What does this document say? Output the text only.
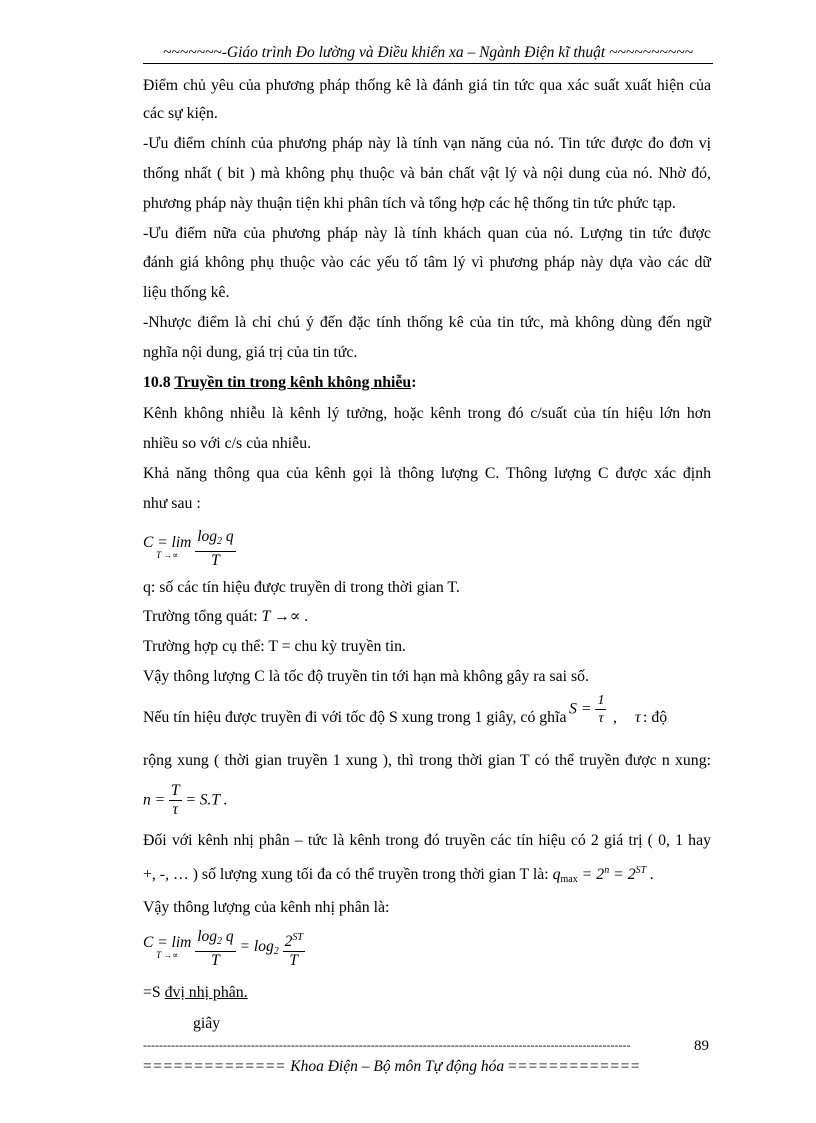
~~~~~~~-Giáo trình Đo lường và Điều khiển xa – Ngành Điện kĩ thuật ~~~~~~~~~~
Điểm chủ yêu của phương pháp thống kê là đánh giá tin tức qua xác suất xuất hiện của
các sự kiện.
-Ưu điểm chính của phương pháp này là tính vạn năng của nó. Tin tức được đo đơn vị
thống nhất ( bit ) mà không phụ thuộc và bản chất vật lý và nội dung của nó. Nhờ đó,
phương pháp này thuận tiện khi phân tích và tổng hợp các hệ thống tin tức phức tạp.
-Ưu điểm nữa của phương pháp này là tính khách quan của nó. Lượng tin tức được
đánh giá không phụ thuộc vào các yếu tố tâm lý vì phương pháp này dựa vào các dữ
liệu thống kê.
-Nhược điểm là chỉ chú ý đến đặc tính thống kê của tin tức, mà không dùng đến ngữ
nghĩa nội dung, giá trị của tin tức.
10.8 Truyền tin trong kênh không nhiễu:
Kênh không nhiễu là kênh lý tưởng, hoặc kênh trong đó c/suất của tín hiệu lớn hơn
nhiều so với c/s của nhiễu.
Khả năng thông qua của kênh gọi là thông lượng C. Thông lượng C được xác định
như sau :
C = lim
T →∝
	$\frac{\log_2 q}{T}$
q: số các tín hiệu được truyền di trong thời gian T.
Trường tổng quát: T →∝ .
Trường hợp cụ thể: T = chu kỳ truyền tin.
Vậy thông lượng C là tốc độ truyền tin tới hạn mà không gây ra sai số.
Nếu tín hiệu được truyền đi với tốc độ S xung trong 1 giây, có ghĩa $S = \frac{1}{\tau}$ , τ : độ
rộng xung ( thời gian truyền 1 xung ), thì trong thời gian T có thể truyền được n xung:
$n = \frac{T}{\tau} = S.T$ .
Đối với kênh nhị phân – tức là kênh trong đó truyền các tín hiệu có 2 giá trị ( 0, 1 hay
+, -, … ) số lượng xung tối đa có thể truyền trong thời gian T là: $q_{max} = 2^n = 2ST$ .
Vậy thông lượng của kênh nhị phân là:
C = lim
T →∝
	$\frac{\log_2 q}{T} = \log_2 \frac{2^{ST}}{T}$
=S đvị nhị phân.
giây
--------------------------------------------------------------------------------------------------------------------------	89
============== Khoa Điện – Bộ môn Tự động hóa =============
